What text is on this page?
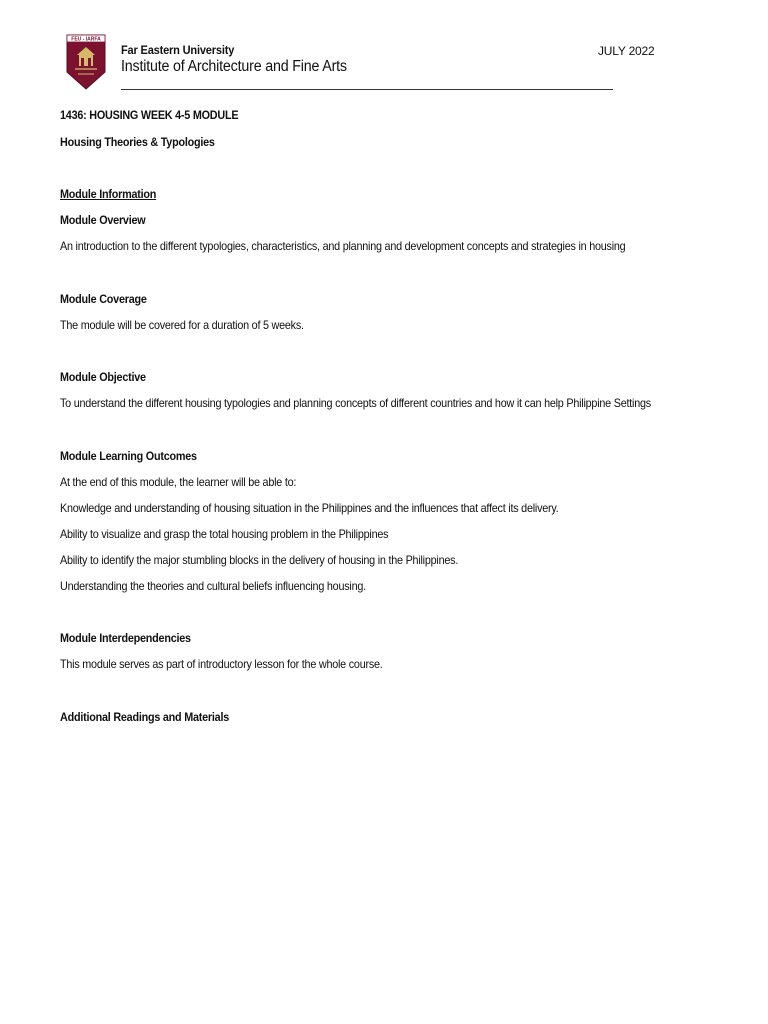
FEU - IARFA
Far Eastern University
Institute of Architecture and Fine Arts
JULY 2022
1436: HOUSING WEEK 4-5 MODULE
Housing Theories & Typologies
Module Information
Module Overview
An introduction to the different typologies, characteristics, and planning and development concepts and strategies in housing
Module Coverage
The module will be covered for a duration of 5 weeks.
Module Objective
To understand the different housing typologies and planning concepts of different countries and how it can help Philippine Settings
Module Learning Outcomes
At the end of this module, the learner will be able to:
Knowledge and understanding of housing situation in the Philippines and the influences that affect its delivery.
Ability to visualize and grasp the total housing problem in the Philippines
Ability to identify the major stumbling blocks in the delivery of housing in the Philippines.
Understanding the theories and cultural beliefs influencing housing.
Module Interdependencies
This module serves as part of introductory lesson for the whole course.
Additional Readings and Materials
